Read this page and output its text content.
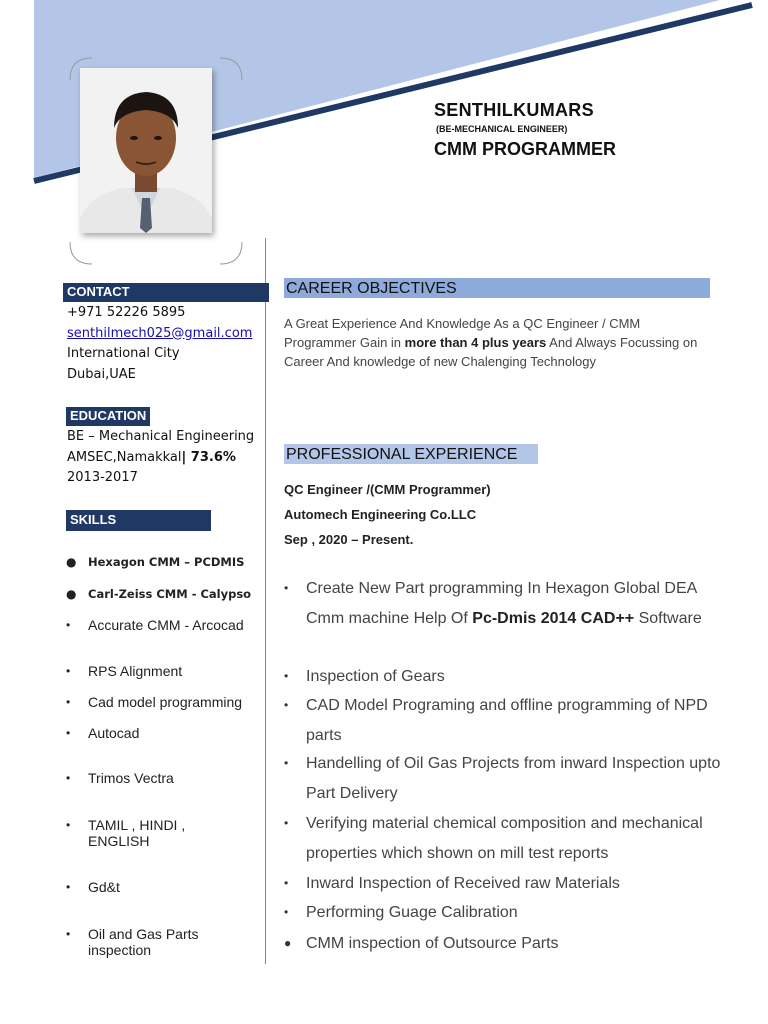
SENTHILKUMARS
(BE-MECHANICAL ENGINEER)
CMM PROGRAMMER
CONTACT
+971 52226 5895
senthilmech025@gmail.com
International City
Dubai,UAE
EDUCATION
BE – Mechanical Engineering
AMSEC,Namakkal| 73.6%
2013-2017
SKILLS
●	Hexagon CMM – PCDMIS
●	Carl-Zeiss CMM - Calypso
•	Accurate CMM - Arcocad
•	RPS Alignment
•	Cad model programming
•	Autocad
•	Trimos Vectra
•	TAMIL , HINDI , ENGLISH
•	Gd&t
•	Oil and Gas Parts inspection
CAREER OBJECTIVES
A Great Experience And Knowledge As a QC Engineer / CMM Programmer Gain in more than 4 plus years And Always Focussing on Career And knowledge of new Chalenging Technology
PROFESSIONAL EXPERIENCE
QC Engineer /(CMM Programmer)
Automech Engineering Co.LLC
Sep , 2020 – Present.
•	Create New Part programming In Hexagon Global DEA Cmm machine Help Of Pc-Dmis 2014 CAD++ Software
•	Inspection of Gears
•	CAD Model Programing and offline programming of NPD parts
•	Handelling of Oil Gas Projects from inward Inspection upto Part Delivery
•	Verifying material chemical composition and mechanical properties which shown on mill test reports
•	Inward Inspection of Received raw Materials
•	Performing Guage Calibration
● CMM inspection of Outsource Parts
